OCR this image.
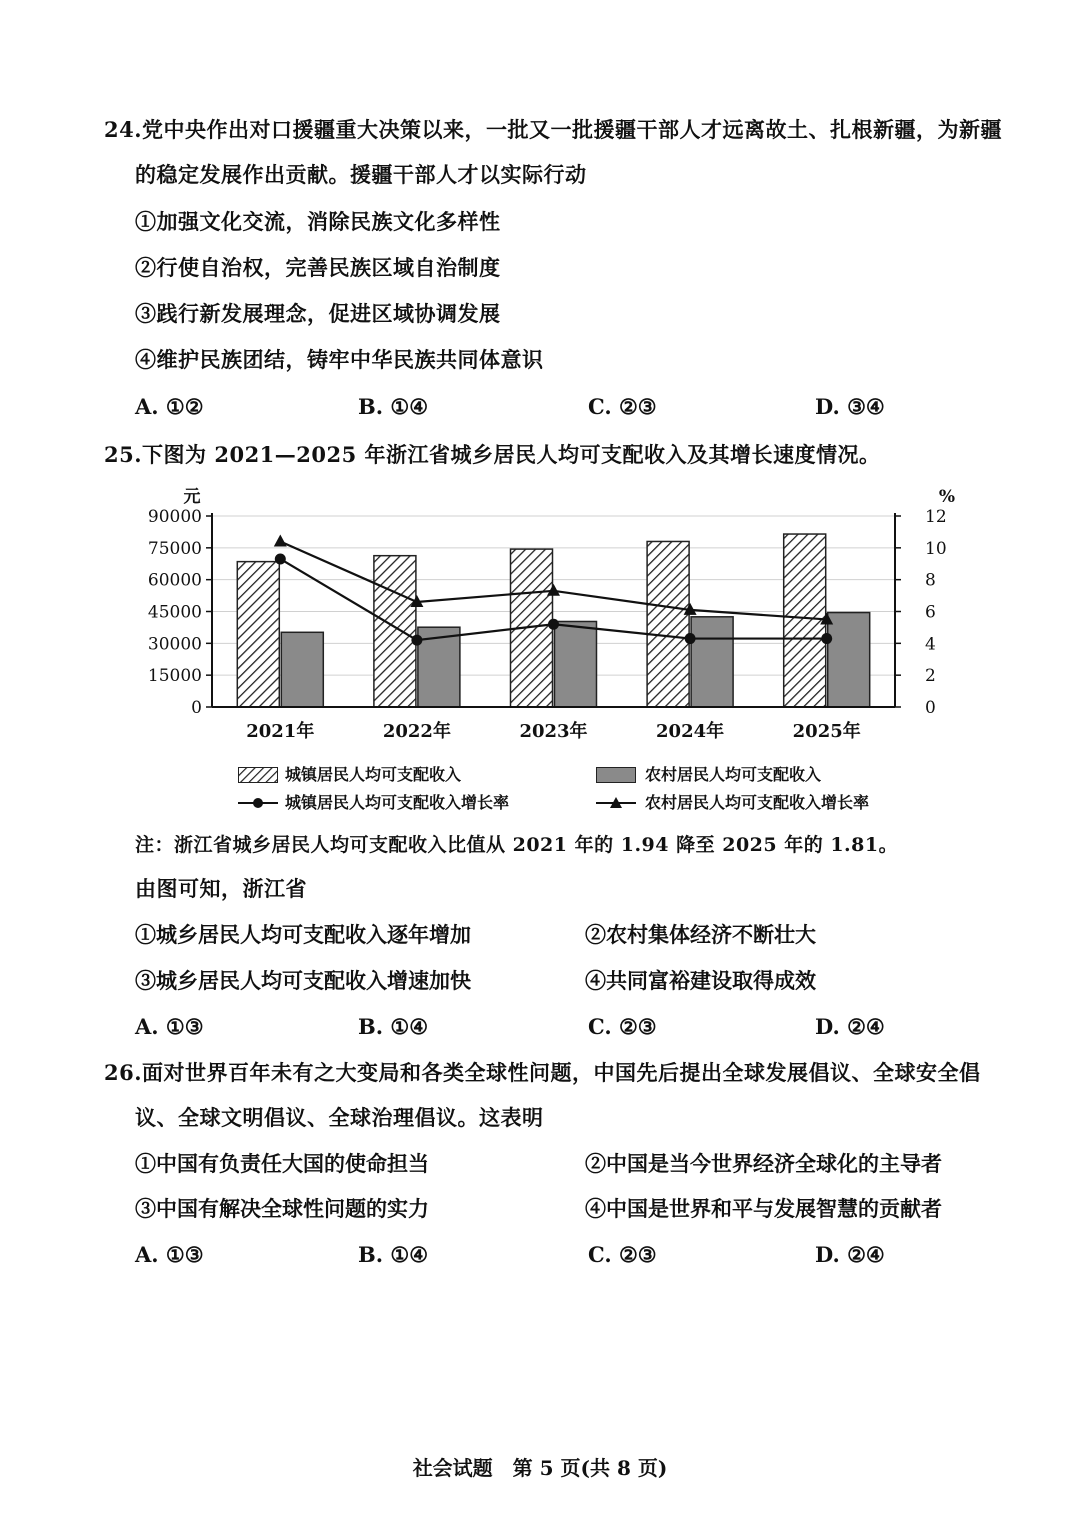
24.党中央作出对口援疆重大决策以来，一批又一批援疆干部人才远离故土、扎根新疆，为新疆
的稳定发展作出贡献。援疆干部人才以实际行动
①加强文化交流，消除民族文化多样性
②行使自治权，完善民族区域自治制度
③践行新发展理念，促进区域协调发展
④维护民族团结，铸牢中华民族共同体意识
A. ①②	B. ①④	C. ②③	D. ③④
25.下图为 2021—2025 年浙江省城乡居民人均可支配收入及其增长速度情况。
0
15000
30000
45000
60000
75000
90000
0
2
4
6
8
10
12
元	%
2021年	2022年	2023年	2024年	2025年
城镇居民人均可支配收入	农村居民人均可支配收入
城镇居民人均可支配收入增长率	农村居民人均可支配收入增长率
注：浙江省城乡居民人均可支配收入比值从 2021 年的 1.94 降至 2025 年的 1.81。
由图可知，浙江省
①城乡居民人均可支配收入逐年增加	②农村集体经济不断壮大
③城乡居民人均可支配收入增速加快	④共同富裕建设取得成效
A. ①③	B. ①④	C. ②③	D. ②④
26.面对世界百年未有之大变局和各类全球性问题，中国先后提出全球发展倡议、全球安全倡
议、全球文明倡议、全球治理倡议。这表明
①中国有负责任大国的使命担当	②中国是当今世界经济全球化的主导者
③中国有解决全球性问题的实力	④中国是世界和平与发展智慧的贡献者
A. ①③	B. ①④	C. ②③	D. ②④
社会试题　第 5 页(共 8 页)
